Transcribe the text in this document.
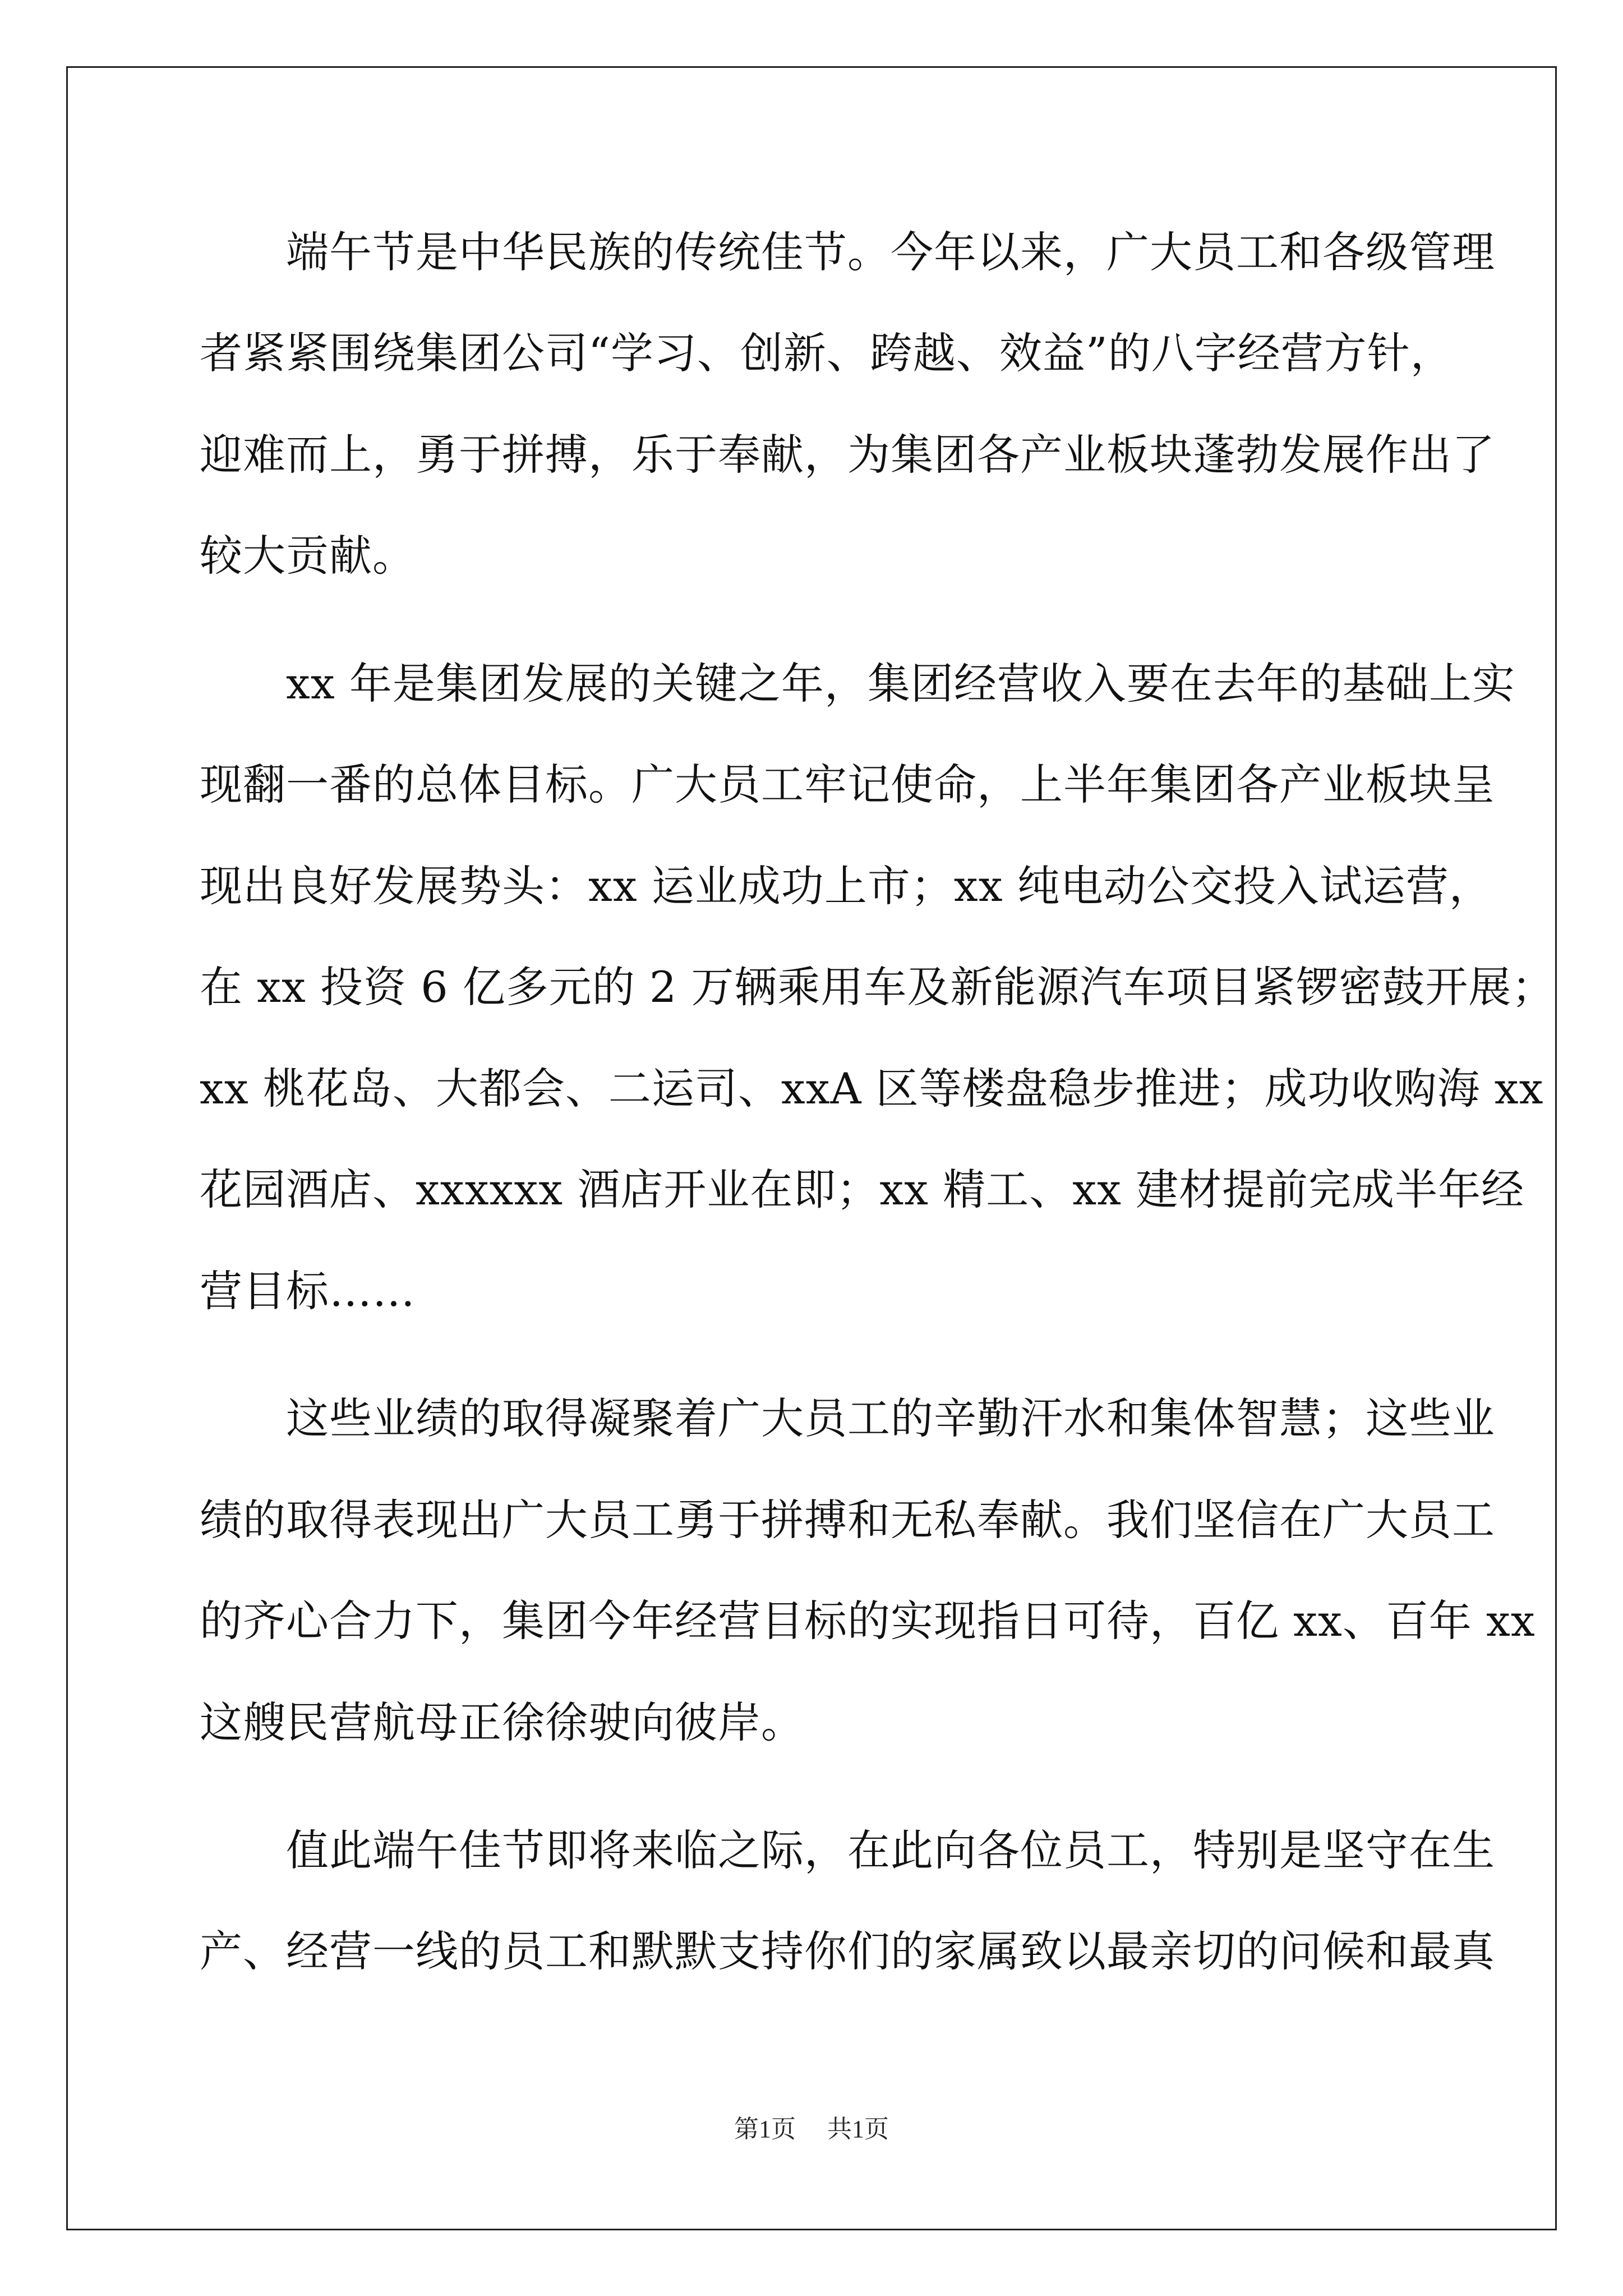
　　端午节是中华民族的传统佳节。今年以来，广大员工和各级管理
者紧紧围绕集团公司“学习、创新、跨越、效益”的八字经营方针，
迎难而上，勇于拼搏，乐于奉献，为集团各产业板块蓬勃发展作出了
较大贡献。
　　xx 年是集团发展的关键之年，集团经营收入要在去年的基础上实
现翻一番的总体目标。广大员工牢记使命，上半年集团各产业板块呈
现出良好发展势头：xx 运业成功上市；xx 纯电动公交投入试运营，
在 xx 投资 6 亿多元的 2 万辆乘用车及新能源汽车项目紧锣密鼓开展；
xx 桃花岛、大都会、二运司、xxA 区等楼盘稳步推进；成功收购海 xx
花园酒店、xxxxxx 酒店开业在即；xx 精工、xx 建材提前完成半年经
营目标……
　　这些业绩的取得凝聚着广大员工的辛勤汗水和集体智慧；这些业
绩的取得表现出广大员工勇于拼搏和无私奉献。我们坚信在广大员工
的齐心合力下，集团今年经营目标的实现指日可待，百亿 xx、百年 xx
这艘民营航母正徐徐驶向彼岸。
　　值此端午佳节即将来临之际，在此向各位员工，特别是坚守在生
产、经营一线的员工和默默支持你们的家属致以最亲切的问候和最真
第1页 共1页
